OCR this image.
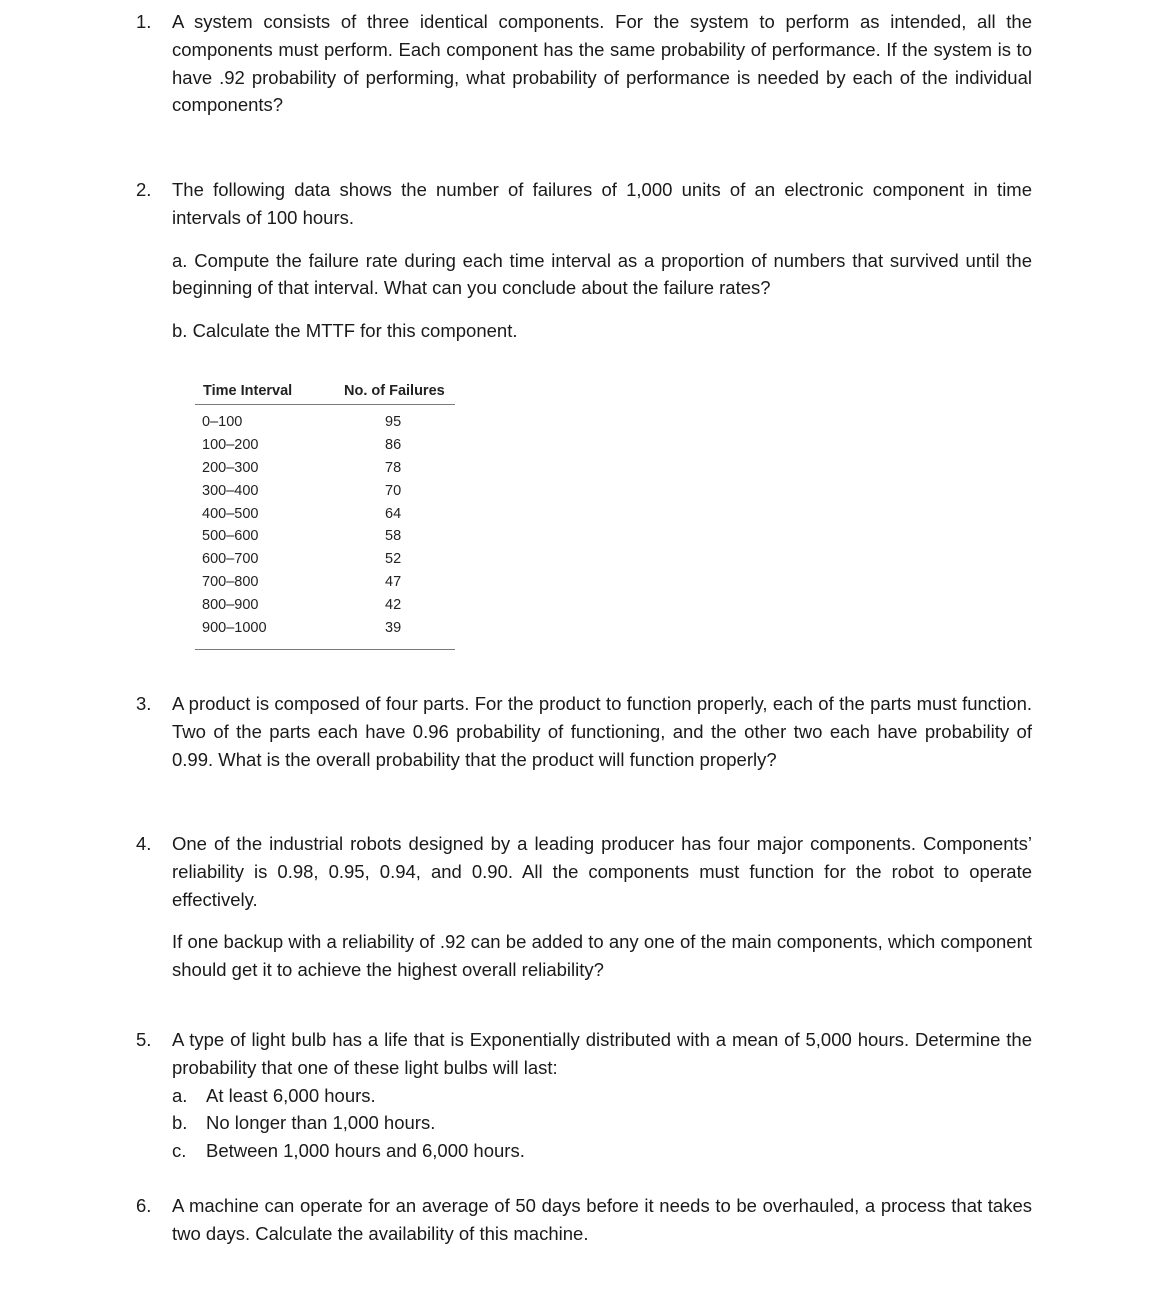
1.	A system consists of three identical components. For the system to perform as intended, all the components must perform. Each component has the same probability of performance. If the system is to have .92 probability of performing, what probability of performance is needed by each of the individual components?

2.	The following data shows the number of failures of 1,000 units of an electronic component in time intervals of 100 hours.

a. Compute the failure rate during each time interval as a proportion of numbers that survived until the beginning of that interval. What can you conclude about the failure rates?

b. Calculate the MTTF for this component.

Time Interval	No. of Failures
0–100	95
100–200	86
200–300	78
300–400	70
400–500	64
500–600	58
600–700	52
700–800	47
800–900	42
900–1000	39
3.	A product is composed of four parts. For the product to function properly, each of the parts must function. Two of the parts each have 0.96 probability of functioning, and the other two each have probability of 0.99. What is the overall probability that the product will function properly?

4.	One of the industrial robots designed by a leading producer has four major components. Components’ reliability is 0.98, 0.95, 0.94, and 0.90. All the components must function for the robot to operate effectively.

If one backup with a reliability of .92 can be added to any one of the main components, which component should get it to achieve the highest overall reliability?

5.	A type of light bulb has a life that is Exponentially distributed with a mean of 5,000 hours. Determine the probability that one of these light bulbs will last:

a. At least 6,000 hours.
b. No longer than 1,000 hours.
c. Between 1,000 hours and 6,000 hours.
6.	A machine can operate for an average of 50 days before it needs to be overhauled, a process that takes two days. Calculate the availability of this machine.
